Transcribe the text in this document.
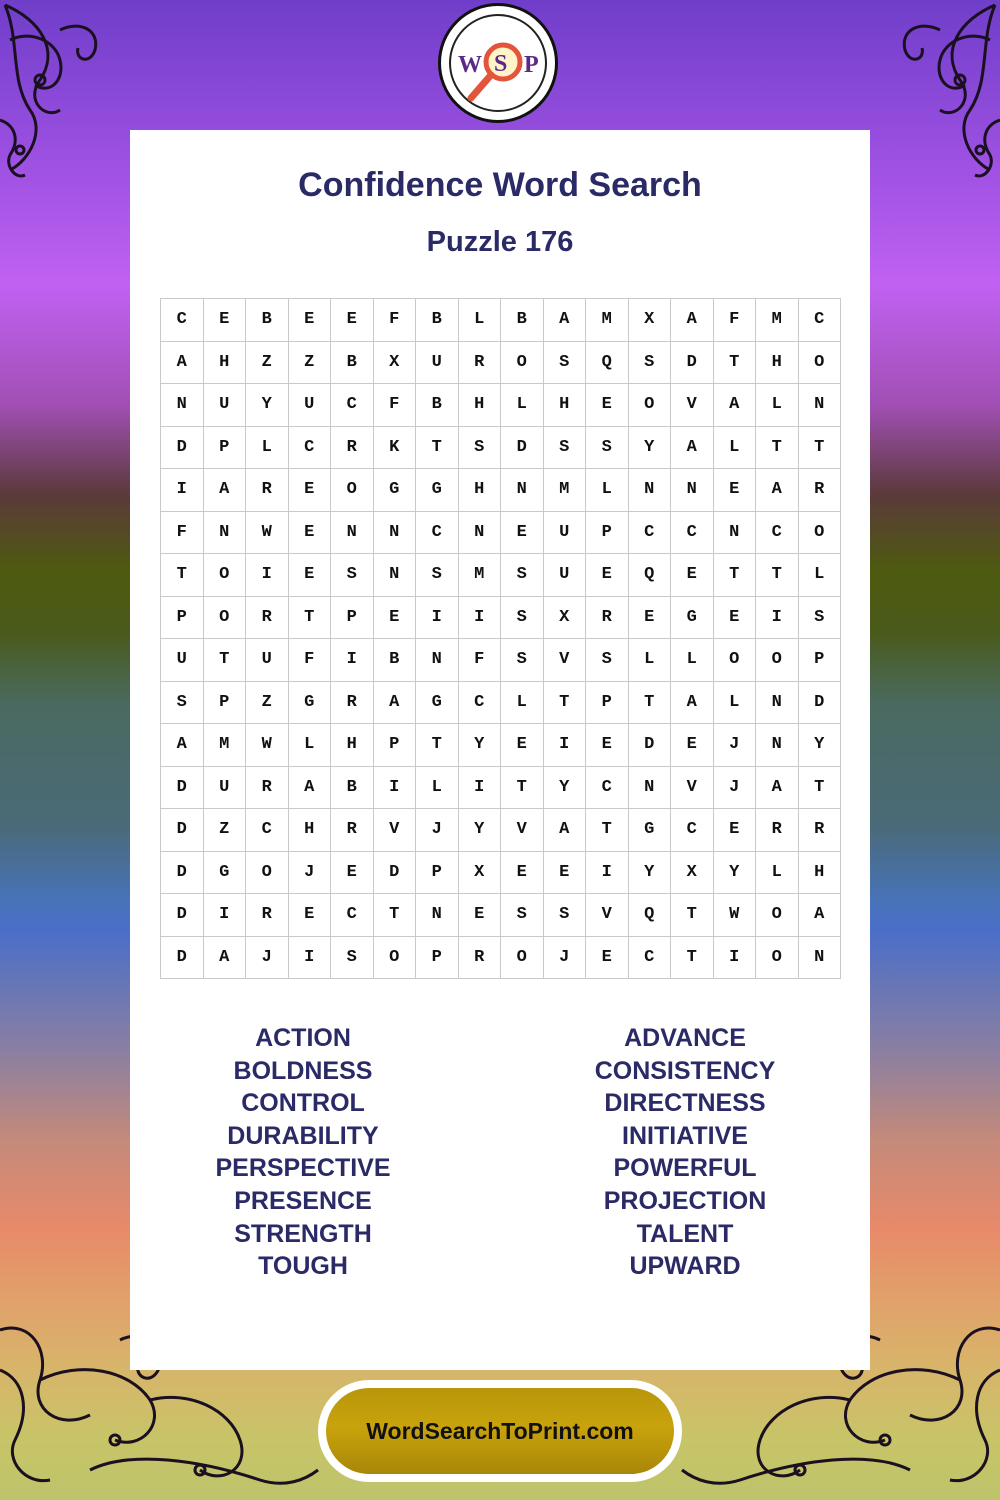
W S P
Confidence Word Search
Puzzle 176
C	E	B	E	E	F	B	L	B	A	M	X	A	F	M	C
A	H	Z	Z	B	X	U	R	O	S	Q	S	D	T	H	O
N	U	Y	U	C	F	B	H	L	H	E	O	V	A	L	N
D	P	L	C	R	K	T	S	D	S	S	Y	A	L	T	T
I	A	R	E	O	G	G	H	N	M	L	N	N	E	A	R
F	N	W	E	N	N	C	N	E	U	P	C	C	N	C	O
T	O	I	E	S	N	S	M	S	U	E	Q	E	T	T	L
P	O	R	T	P	E	I	I	S	X	R	E	G	E	I	S
U	T	U	F	I	B	N	F	S	V	S	L	L	O	O	P
S	P	Z	G	R	A	G	C	L	T	P	T	A	L	N	D
A	M	W	L	H	P	T	Y	E	I	E	D	E	J	N	Y
D	U	R	A	B	I	L	I	T	Y	C	N	V	J	A	T
D	Z	C	H	R	V	J	Y	V	A	T	G	C	E	R	R
D	G	O	J	E	D	P	X	E	E	I	Y	X	Y	L	H
D	I	R	E	C	T	N	E	S	S	V	Q	T	W	O	A
D	A	J	I	S	O	P	R	O	J	E	C	T	I	O	N
ACTION
BOLDNESS
CONTROL
DURABILITY
PERSPECTIVE
PRESENCE
STRENGTH
TOUGH
ADVANCE
CONSISTENCY
DIRECTNESS
INITIATIVE
POWERFUL
PROJECTION
TALENT
UPWARD
WordSearchToPrint.com
